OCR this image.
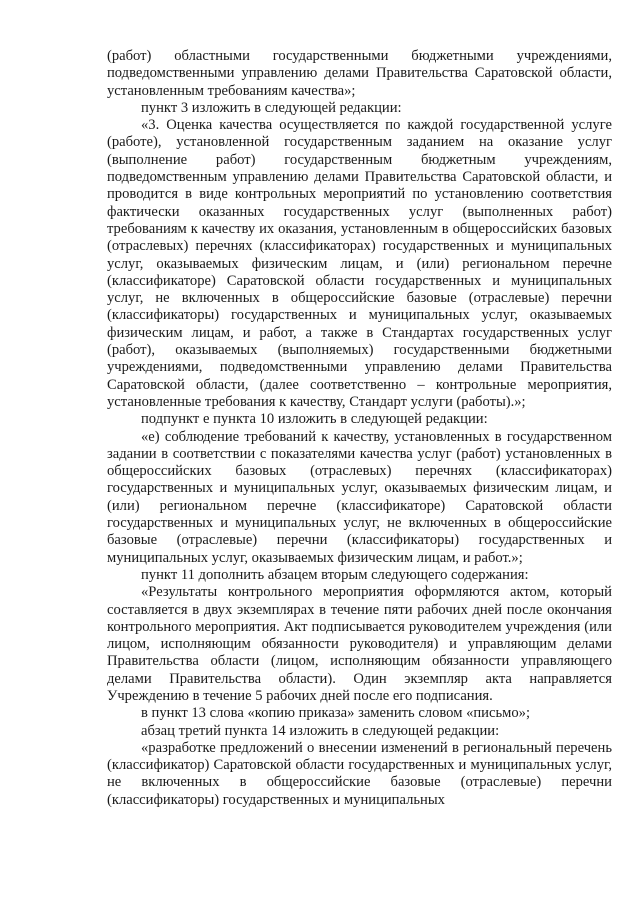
(работ) областными государственными бюджетными учреждениями, подведомственными управлению делами Правительства Саратовской области, установленным требованиям качества»;

пункт 3 изложить в следующей редакции:

«3. Оценка качества осуществляется по каждой государственной услуге (работе), установленной государственным заданием на оказание услуг (выполнение работ) государственным бюджетным учреждениям, подведомственным управлению делами Правительства Саратовской области, и проводится в виде контрольных мероприятий по установлению соответствия фактически оказанных государственных услуг (выполненных работ) требованиям к качеству их оказания, установленным в общероссийских базовых (отраслевых) перечнях (классификаторах) государственных и муниципальных услуг, оказываемых физическим лицам, и (или) региональном перечне (классификаторе) Саратовской области государственных и муниципальных услуг, не включенных в общероссийские базовые (отраслевые) перечни (классификаторы) государственных и муниципальных услуг, оказываемых физическим лицам, и работ, а также в Стандартах государственных услуг (работ), оказываемых (выполняемых) государственными бюджетными учреждениями, подведомственными управлению делами Правительства Саратовской области, (далее соответственно – контрольные мероприятия, установленные требования к качеству, Стандарт услуги (работы).»;

подпункт е пункта 10 изложить в следующей редакции:

«е) соблюдение требований к качеству, установленных в государственном задании в соответствии с показателями качества услуг (работ) установленных в общероссийских базовых (отраслевых) перечнях (классификаторах) государственных и муниципальных услуг, оказываемых физическим лицам, и (или) региональном перечне (классификаторе) Саратовской области государственных и муниципальных услуг, не включенных в общероссийские базовые (отраслевые) перечни (классификаторы) государственных и муниципальных услуг, оказываемых физическим лицам, и работ.»;

пункт 11 дополнить абзацем вторым следующего содержания:

«Результаты контрольного мероприятия оформляются актом, который составляется в двух экземплярах в течение пяти рабочих дней после окончания контрольного мероприятия. Акт подписывается руководителем учреждения (или лицом, исполняющим обязанности руководителя) и управляющим делами Правительства области (лицом, исполняющим обязанности управляющего делами Правительства области). Один экземпляр акта направляется Учреждению в течение 5 рабочих дней после его подписания.

в пункт 13 слова «копию приказа» заменить словом «письмо»;

абзац третий пункта 14 изложить в следующей редакции:

«разработке предложений о внесении изменений в региональный перечень (классификатор) Саратовской области государственных и муниципальных услуг, не включенных в общероссийские базовые (отраслевые) перечни (классификаторы) государственных и муниципальных
